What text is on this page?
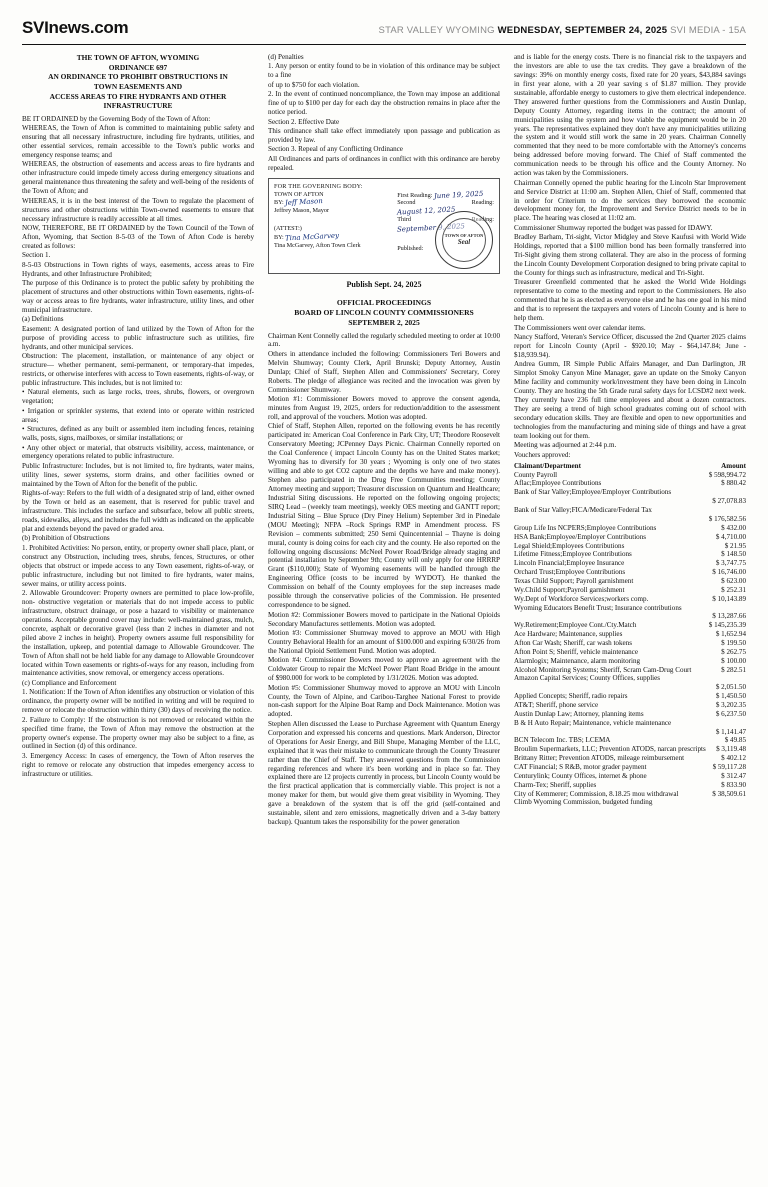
SVInews.com	STAR VALLEY WYOMING WEDNESDAY, SEPTEMBER 24, 2025 SVI MEDIA - 15A
THE TOWN OF AFTON, WYOMING
ORDINANCE 697
AN ORDINANCE TO PROHIBIT OBSTRUCTIONS IN
TOWN EASEMENTS AND
ACCESS AREAS TO FIRE HYDRANTS AND OTHER
INFRASTRUCTURE

BE IT ORDAINED by the Governing Body of the Town of Afton:

WHEREAS, the Town of Afton is committed to maintaining public safety and ensuring that all necessary infrastructure, including fire hydrants, utilities, and other essential services, remain accessible to the Town's public works and emergency response teams; and

WHEREAS, the obstruction of easements and access areas to fire hydrants and other infrastructure could impede timely access during emergency situations and general maintenance thus threatening the safety and well-being of the residents of the Town of Afton; and

WHEREAS, it is in the best interest of the Town to regulate the placement of structures and other obstructions within Town-owned easements to ensure that necessary infrastructure is readily accessible at all times.

NOW, THEREFORE, BE IT ORDAINED by the Town Council of the Town of Afton, Wyoming, that Section 8-5-03 of the Town of Afton Code is hereby created as follows:

Section 1.

8-5-03 Obstructions in Town rights of ways, easements, access areas to Fire Hydrants, and other Infrastructure Prohibited;

The purpose of this Ordinance is to protect the public safety by prohibiting the placement of structures and other obstructions within Town easements, rights-of-way or access areas to fire hydrants, water infrastructure, utility lines, and other municipal infrastructure.

(a) Definitions

Easement: A designated portion of land utilized by the Town of Afton for the purpose of providing access to public infrastructure such as utilities, fire hydrants, and other municipal services.

Obstruction: The placement, installation, or maintenance of any object or structure— whether permanent, semi-permanent, or temporary-that impedes, restricts, or otherwise interferes with access to Town easements, rights-of-way, or public infrastructure. This includes, but is not limited to:

• Natural elements, such as large rocks, trees, shrubs, flowers, or overgrown vegetation;

• Irrigation or sprinkler systems, that extend into or operate within restricted areas;

• Structures, defined as any built or assembled item including fences, retaining walls, posts, signs, mailboxes, or similar installations; or

• Any other object or material, that obstructs visibility, access, maintenance, or emergency operations related to public infrastructure.

Public Infrastructure: Includes, but is not limited to, fire hydrants, water mains, utility lines, sewer systems, storm drains, and other facilities owned or maintained by the Town of Afton for the benefit of the public.

Rights-of-way: Refers to the full width of a designated strip of land, either owned by the Town or held as an easement, that is reserved for public travel and infrastructure. This includes the surface and subsurface, below all public streets, roads, sidewalks, alleys, and includes the full width as indicated on the applicable plat and extends beyond the paved or graded area.

(b) Prohibition of Obstructions

1. Prohibited Activities: No person, entity, or property owner shall place, plant, or construct any Obstruction, including trees, shrubs, fences, Structures, or other objects that obstruct or impede access to any Town easement, rights-of-way, or public infrastructure, including but not limited to fire hydrants, water mains, sewer mains, or utility access points.

2. Allowable Groundcover: Property owners are permitted to place low-profile, non- obstructive vegetation or materials that do not impede access to public infrastructure, obstruct drainage, or pose a hazard to visibility or maintenance operations. Acceptable ground cover may include: well-maintained grass, mulch, concrete, asphalt or decorative gravel (less than 2 inches in diameter and not piled above 2 inches in height). Property owners assume full responsibility for the installation, upkeep, and potential damage to Allowable Groundcover. The Town of Afton shall not be held liable for any damage to Allowable Groundcover located within Town easements or rights-of-ways for any reason, including from maintenance activities, snow removal, or emergency access operations.

(c) Compliance and Enforcement

1. Notification: If the Town of Afton identifies any obstruction or violation of this ordinance, the property owner will be notified in writing and will be required to remove or relocate the obstruction within thirty (30) days of receiving the notice.

2. Failure to Comply: If the obstruction is not removed or relocated within the specified time frame, the Town of Afton may remove the obstruction at the property owner's expense. The property owner may also be subject to a fine, as outlined in Section (d) of this ordinance.

3. Emergency Access: In cases of emergency, the Town of Afton reserves the right to remove or relocate any obstruction that impedes emergency access to infrastructure or utilities.

(d) Penalties

1. Any person or entity found to be in violation of this ordinance may be subject to a fine

of up to $750 for each violation.

2. In the event of continued noncompliance, the Town may impose an additional fine of up to $100 per day for each day the obstruction remains in place after the notice period.

Section 2. Effective Date

This ordinance shall take effect immediately upon passage and publication as provided by law.

Section 3. Repeal of any Conflicting Ordinance

All Ordinances and parts of ordinances in conflict with this ordinance are hereby repealed.

FOR THE GOVERNING BODY:
TOWN OF AFTON
BY: Jeff Mason
Jeffrey Mason, Mayor
(ATTEST:)
BY: Tina McGarvey
Tina McGarvey, Afton Town Clerk
First Reading: June 19, 2025
Second Reading: August 12, 2025
Third Reading: September 9, 2025
Published:
TOWN OF AFTON
Seal
Publish Sept. 24, 2025
OFFICIAL PROCEEDINGS
BOARD OF LINCOLN COUNTY COMMISSIONERS
SEPTEMBER 2, 2025

Chairman Kent Connelly called the regularly scheduled meeting to order at 10:00 a.m.

Others in attendance included the following: Commissioners Teri Bowers and Melvin Shumway; County Clerk, April Brunski; Deputy Attorney, Austin Dunlap; Chief of Staff, Stephen Allen and Commissioners' Secretary, Corey Roberts. The pledge of allegiance was recited and the invocation was given by Commissioner Shumway.

Motion #1: Commissioner Bowers moved to approve the consent agenda, minutes from August 19, 2025, orders for reduction/addition to the assessment roll, and approval of the vouchers. Motion was adopted.

Chief of Staff, Stephen Allen, reported on the following events he has recently participated in: American Coal Conference in Park City, UT; Theodore Roosevelt Conservatory Meeting; JCPenney Days Picnic. Chairman Connelly reported on the Coal Conference ( impact Lincoln County has on the United States market; Wyoming has to diversify for 30 years ; Wyoming is only one of two states willing and able to get CO2 capture and the depths we have and make money). Stephen also participated in the Drug Free Communities meeting; County Attorney meeting and support; Treasurer discussion on Quantum and Healthcare; Industrial Siting discussions. He reported on the following ongoing projects; SIRQ Lead – (weekly team meetings), weekly OES meeting and GANTT report; Industrial Siting – Blue Spruce (Dry Piney Helium) September 3rd in Pinedale (MOU Meeting); NFPA –Rock Springs RMP in Amendment process. FS Revision – comments submitted; 250 Semi Quincentennial – Thayne is doing mural, county is doing coins for each city and the county. He also reported on the following ongoing discussions: McNeel Power Road/Bridge already staging and potential installation by September 9th; County will only apply for one HRRRP Grant ($110,000); State of Wyoming easements will be handled through the Engineering Office (costs to be incurred by WYDOT). He thanked the Commission on behalf of the County employees for the step increases made possible through the conservative policies of the Commission. He presented correspondence to be signed.

Motion #2: Commissioner Bowers moved to participate in the National Opioids Secondary Manufactures settlements. Motion was adopted.

Motion #3: Commissioner Shumway moved to approve an MOU with High Country Behavioral Health for an amount of $100.000 and expiring 6/30/26 from the National Opioid Settlement Fund. Motion was adopted.

Motion #4: Commissioner Bowers moved to approve an agreement with the Coldwater Group to repair the McNeel Power Plant Road Bridge in the amount of $980.000 for work to be completed by 1/31/2026. Motion was adopted.

Motion #5: Commissioner Shumway moved to approve an MOU with Lincoln County, the Town of Alpine, and Caribou-Targhee National Forest to provide non-cash support for the Alpine Boat Ramp and Dock Maintenance. Motion was adopted.

Stephen Allen discussed the Lease to Purchase Agreement with Quantum Energy Corporation and expressed his concerns and questions. Mark Anderson, Director of Operations for Aesir Energy, and Bill Shupe, Managing Member of the LLC, explained that it was their mistake to communicate through the County Treasurer rather than the Chief of Staff. They answered questions from the Commission regarding references and where it's been working and in place so far. They explained there are 12 projects currently in process, but Lincoln County would be the first practical application that is commercially viable. This project is not a money maker for them, but would give them great visibility in Wyoming. They gave a breakdown of the system that is off the grid (self-contained and sustainable, silent and zero emissions, magnetically driven and a 3-day battery backup). Quantum takes the responsibility for the power generation

and is liable for the energy costs. There is no financial risk to the taxpayers and the investors are able to use the tax credits. They gave a breakdown of the savings: 39% on monthly energy costs, fixed rate for 20 years, $43,884 savings in first year alone, with a 20 year saving s of $1.87 million. They provide sustainable, affordable energy to customers to give them electrical independence. They answered further questions from the Commissioners and Austin Dunlap, Deputy County Attorney, regarding items in the contract; the amount of municipalities using the system and how viable the equipment would be in 20 years. The representatives explained they don't have any municipalities utilizing the system and it would still work the same in 20 years. Chairman Connelly commented that they need to be more comfortable with the Attorney's concerns being addressed before moving forward. The Chief of Staff commented the communication needs to be through his office and the County Attorney. No action was taken by the Commissioners.

Chairman Connelly opened the public hearing for the Lincoln Star Improvement and Service District at 11:00 am. Stephen Allen, Chief of Staff, commented that in order for Criterium to do the services they borrowed the economic development money for, the Improvement and Service District needs to be in place. The hearing was closed at 11:02 am.

Commissioner Shumway reported the budget was passed for IDAWY.

Bradley Barham, Tri-sight, Victor Midgley and Steve Kaufusi with World Wide Holdings, reported that a $100 million bond has been formally transferred into Tri-Sight giving them strong collateral. They are also in the process of forming the Lincoln County Development Corporation designed to bring private capital to the County for things such as infrastructure, medical and Tri-Sight.

Treasurer Greenfield commented that he asked the World Wide Holdings representative to come to the meeting and report to the Commissioners. He also commented that he is as elected as everyone else and he has one goal in his mind and that is to represent the taxpayers and voters of Lincoln County and is here to help them.

The Commissioners went over calendar items.

Nancy Stafford, Veteran's Service Officer, discussed the 2nd Quarter 2025 claims report for Lincoln County (April - $920.10; May - $64,147.84; June - $18,939.94).

Andrea Gumm, IR Simple Public Affairs Manager, and Dan Darlington, JR Simplot Smoky Canyon Mine Manager, gave an update on the Smoky Canyon Mine facility and community work/investment they have been doing in Lincoln County. They are hosting the 5th Grade rural safety days for LCSD#2 next week. They currently have 236 full time employees and about a dozen contractors. They are seeing a trend of high school graduates coming out of school with secondary education skills. They are flexible and open to new opportunities and technologies from the manufacturing and mining side of things and have a great team looking out for them.

Meeting was adjourned at 2:44 p.m.

Vouchers approved:

Claimant/Department	Amount
County Payroll	$ 598,994.72
Aflac;Employee Contributions	$ 880.42
Bank of Star Valley;Employee/Employer Contributions
$ 27,078.83
Bank of Star Valley;FICA/Medicare/Federal Tax
$ 176,582.56
Group Life Ins NCPERS;Employee Contributions	$ 432.00
HSA Bank;Employee/Employer Contributions	$ 4,710.00
Legal Shield;Employees Contributions	$ 21.95
Lifetime Fitness;Employee Contributions	$ 148.50
Lincoln Financial;Employee Insurance	$ 3,747.75
Orchard Trust;Employee Contributions	$ 16,746.00
Texas Child Support; Payroll garnishment	$ 623.00
Wy.Child Support;Payroll garnishment	$ 252.31
Wy.Dept of Workforce Services;workers comp.	$ 10,143.89
Wyoming Educators Benefit Trust; Insurance contributions
$ 13,287.66
Wy.Retirement;Employee Cont./Cty.Match	$ 145,235.39
Ace Hardware; Maintenance, supplies	$ 1,652.94
Afton Car Wash; Sheriff, car wash tokens	$ 199.50
Afton Point S; Sheriff, vehicle maintenance	$ 262.75
Alarmlogix; Maintenance, alarm monitoring	$ 100.00
Alcohol Monitoring Systems; Sheriff, Scram Cam-Drug Court	$ 282.51
Amazon Capital Services; County Offices, supplies
$ 2,051.50
Applied Concepts; Sheriff, radio repairs	$ 1,450.50
AT&T; Sheriff, phone service	$ 3,202.35
Austin Dunlap Law; Attorney, planning items	$ 6,237.50
B & H Auto Repair; Maintenance, vehicle maintenance
$ 1,141.47
BCN Telecom Inc. TBS; LCEMA	$ 49.85
Broulim Supermarkets, LLC; Prevention ATODS, narcan prescripts	$ 3,119.48
Brittany Ritter; Prevention ATODS, mileage reimbursement	$ 402.12
CAT Financial; S R&B, motor grader payment	$ 59,117.28
Centurylink; County Offices, internet & phone	$ 312.47
Charm-Tex; Sheriff, supplies	$ 833.90
City of Kemmerer; Commission, 8.18.25 mou withdrawal	$ 38,509.61
Climb Wyoming Commission, budgeted funding
